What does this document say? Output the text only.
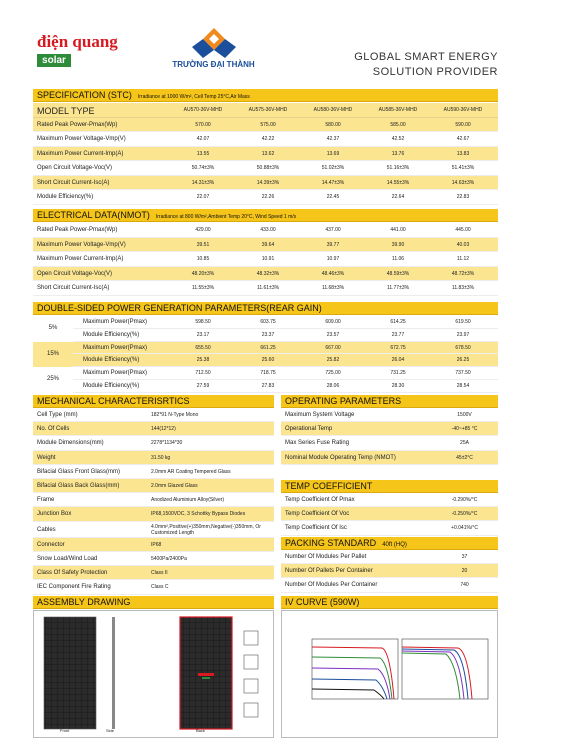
điện quang
solar	TRƯỜNG ĐẠI THÀNH
GLOBAL SMART ENERGY
SOLUTION PROVIDER
SPECIFICATION (STC) Irradiance at 1000 W/m², Cell Temp 25°C,Air Mass
MODEL TYPE	AU570-36V-MHD	AU575-36V-MHD	AU580-36V-MHD	AU585-36V-MHD	AU590-36V-MHD
Rated Peak Power-Pmax(Wp)	570.00	575.00	580.00	585.00	590.00
Maximum Power Voltage-Vmp(V)	42.07	42.22	42.37	42.52	42.67
Maximum Power Current-Imp(A)	13.55	13.62	13.69	13.76	13.83
Open Circuit Voltage-Voc(V)	50.74±3%	50.88±3%	51.02±3%	51.16±3%	51.41±3%
Short Circuit Current-Isc(A)	14.31±3%	14.39±3%	14.47±3%	14.55±3%	14.63±3%
Module Efficiency(%)	22.07	22.26	22.45	22.64	22.83
ELECTRICAL DATA(NMOT) Irradiance at 800 W/m²,Ambient Temp 20°C, Wind Speed 1 m/s
Rated Peak Power-Pmax(Wp)	429.00	433.00	437.00	441.00	445.00
Maximum Power Voltage-Vmp(V)	39.51	39.64	39.77	39.90	40.03
Maximum Power Current-Imp(A)	10.85	10.91	10.97	11.06	11.12
Open Circuit Voltage-Voc(V)	48.20±3%	48.32±3%	48.46±3%	48.59±3%	48.72±3%
Short Circuit Current-Isc(A)	11.55±3%	11.61±3%	11.68±3%	11.77±3%	11.83±3%
DOUBLE-SIDED POWER GENERATION PARAMETERS(REAR GAIN)
5%
Maximum Power(Pmax)	598.50	603.75	609.00	614.25	619.50
Module Efficiency(%)	23.17	23.37	23.57	23.77	23.97
15%
Maximum Power(Pmax)	655.50	661.25	667.00	672.75	678.50
Module Efficiency(%)	25.38	25.60	25.82	26.04	26.25
25%
Maximum Power(Pmax)	712.50	718.75	725.00	731.25	737.50
Module Efficiency(%)	27.59	27.83	28.06	28.30	28.54
MECHANICAL CHARACTERISRTICS
Cell Type (mm)	182*91 N-Type Mono
No. Of Cells	144(12*12)
Module Dimensions(mm)	2278*1134*30
Weight	31.50 kg
Bifacial Glass Front Glass(mm)	2.0mm AR Coating Tempered Glass
Bifacial Glass Back Glass(mm)	2.0mm Glazed Glass
Frame	Anodized Aluminium Alloy(Silver)
Junction Box	IP68,1500VDC, 3 Schottky Bypass Diodes
Cables	4.0mm²,Positive(+)350mm,Negative(-)350mm, Or Customized Length
Connector	IP68
Snow Load/Wind Load	5400Pa/2400Pa
Class Of Safety Protection	Class II
IEC Component Fire Rating	Class C
OPERATING PARAMETERS
Maximum System Voltage	1500V
Operational Temp	-40~+85 °C
Max Series Fuse Rating	25A
Nominal Module Operating Temp (NMOT)	45±2°C
TEMP COEFFICIENT
Temp Coefficient Of Pmax	-0.290%/°C
Temp Coefficient Of Voc	-0.250%/°C
Temp Coefficient Of Isc	+0.041%/°C
PACKING STANDARD 40ft (HQ)
Number Of Modules Per Pallet	37
Number Of Pallets Per Container	20
Number Of Modules Per Container	740
ASSEMBLY DRAWING
Front	Side	Back
IV CURVE (590W)
